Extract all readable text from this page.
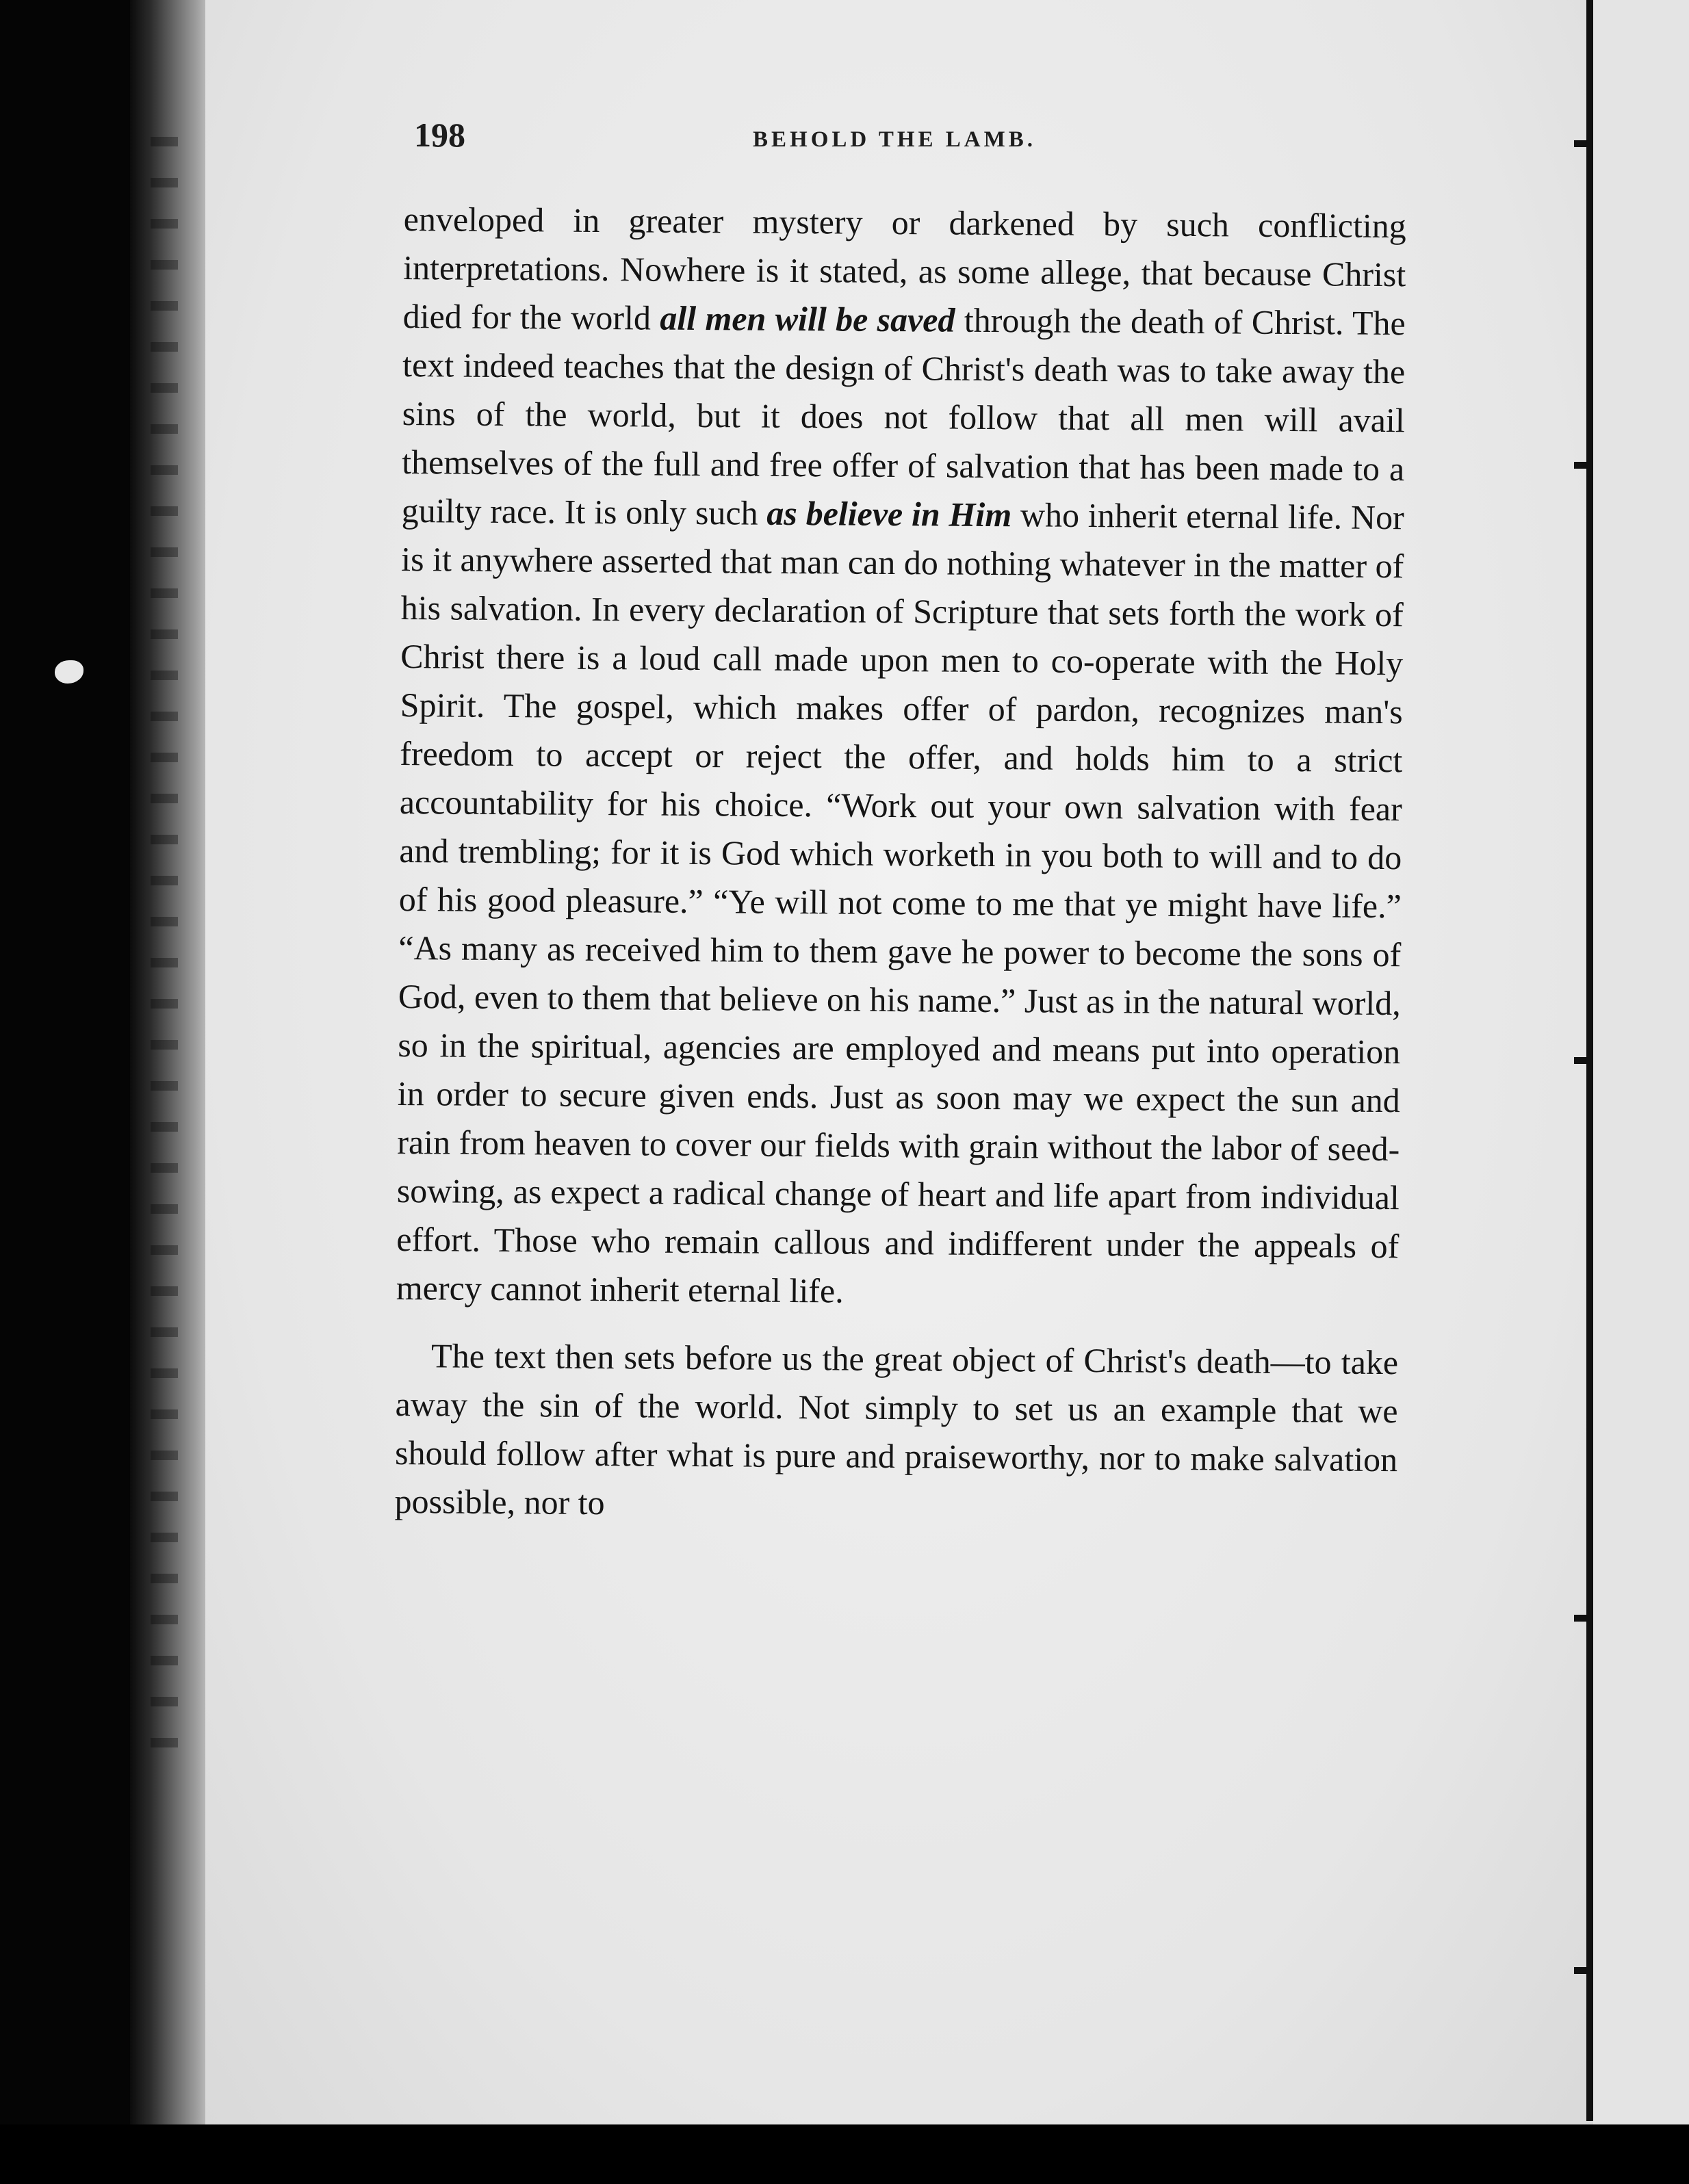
198	BEHOLD THE LAMB.

enveloped in greater mystery or darkened by such conflicting interpretations. Nowhere is it stated, as some allege, that because Christ died for the world all men will be saved through the death of Christ. The text indeed teaches that the design of Christ's death was to take away the sins of the world, but it does not follow that all men will avail themselves of the full and free offer of salvation that has been made to a guilty race. It is only such as believe in Him who inherit eternal life. Nor is it anywhere asserted that man can do nothing whatever in the matter of his salvation. In every declaration of Scripture that sets forth the work of Christ there is a loud call made upon men to co-operate with the Holy Spirit. The gospel, which makes offer of pardon, recognizes man's freedom to accept or reject the offer, and holds him to a strict accountability for his choice. “Work out your own salvation with fear and trembling; for it is God which worketh in you both to will and to do of his good pleasure.” “Ye will not come to me that ye might have life.” “As many as received him to them gave he power to become the sons of God, even to them that believe on his name.” Just as in the natural world, so in the spiritual, agencies are employed and means put into operation in order to secure given ends. Just as soon may we expect the sun and rain from heaven to cover our fields with grain without the labor of seed-sowing, as expect a radical change of heart and life apart from individual effort. Those who remain callous and indifferent under the appeals of mercy cannot inherit eternal life.

The text then sets before us the great object of Christ's death—to take away the sin of the world. Not simply to set us an example that we should follow after what is pure and praiseworthy, nor to make salvation possible, nor to
